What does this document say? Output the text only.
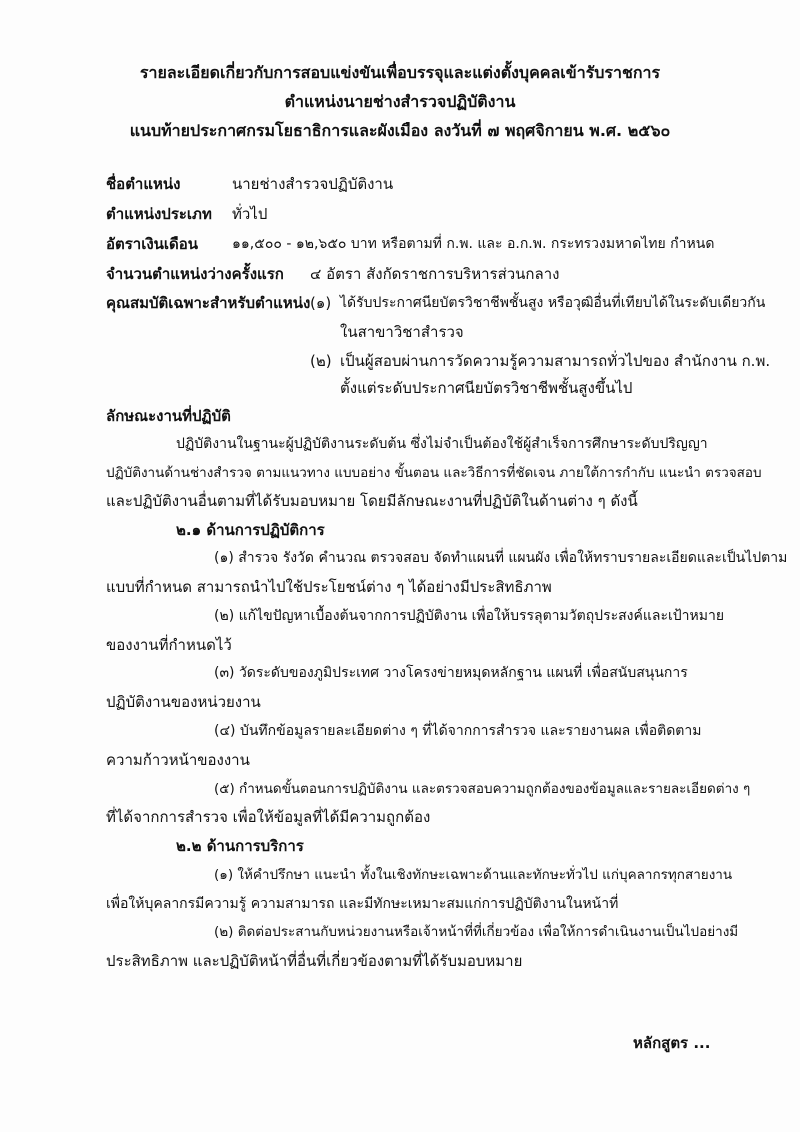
รายละเอียดเกี่ยวกับการสอบแข่งขันเพื่อบรรจุและแต่งตั้งบุคคลเข้ารับราชการ
ตำแหน่งนายช่างสำรวจปฏิบัติงาน
แนบท้ายประกาศกรมโยธาธิการและผังเมือง ลงวันที่ ๗ พฤศจิกายน พ.ศ. ๒๕๖๐
ชื่อตำแหน่ง	นายช่างสำรวจปฏิบัติงาน
ตำแหน่งประเภท ทั่วไป
อัตราเงินเดือน ๑๑,๕๐๐ - ๑๒,๖๕๐ บาท หรือตามที่ ก.พ. และ อ.ก.พ. กระทรวงมหาดไทย กำหนด
จำนวนตำแหน่งว่างครั้งแรก ๔ อัตรา สังกัดราชการบริหารส่วนกลาง
คุณสมบัติเฉพาะสำหรับตำแหน่ง (๑) ได้รับประกาศนียบัตรวิชาชีพชั้นสูง หรือวุฒิอื่นที่เทียบได้ในระดับเดียวกัน
ในสาขาวิชาสำรวจ
(๒) เป็นผู้สอบผ่านการวัดความรู้ความสามารถทั่วไปของ สำนักงาน ก.พ.
ตั้งแต่ระดับประกาศนียบัตรวิชาชีพชั้นสูงขึ้นไป
ลักษณะงานที่ปฏิบัติ
ปฏิบัติงานในฐานะผู้ปฏิบัติงานระดับต้น ซึ่งไม่จำเป็นต้องใช้ผู้สำเร็จการศึกษาระดับปริญญา
ปฏิบัติงานด้านช่างสำรวจ ตามแนวทาง แบบอย่าง ขั้นตอน และวิธีการที่ชัดเจน ภายใต้การกำกับ แนะนำ ตรวจสอบ
และปฏิบัติงานอื่นตามที่ได้รับมอบหมาย โดยมีลักษณะงานที่ปฏิบัติในด้านต่าง ๆ ดังนี้
๒.๑ ด้านการปฏิบัติการ
(๑) สำรวจ รังวัด คำนวณ ตรวจสอบ จัดทำแผนที่ แผนผัง เพื่อให้ทราบรายละเอียดและเป็นไปตาม
แบบที่กำหนด สามารถนำไปใช้ประโยชน์ต่าง ๆ ได้อย่างมีประสิทธิภาพ
(๒) แก้ไขปัญหาเบื้องต้นจากการปฏิบัติงาน เพื่อให้บรรลุตามวัตถุประสงค์และเป้าหมาย
ของงานที่กำหนดไว้
(๓) วัดระดับของภูมิประเทศ วางโครงข่ายหมุดหลักฐาน แผนที่ เพื่อสนับสนุนการ
ปฏิบัติงานของหน่วยงาน
(๔) บันทึกข้อมูลรายละเอียดต่าง ๆ ที่ได้จากการสำรวจ และรายงานผล เพื่อติดตาม
ความก้าวหน้าของงาน
(๕) กำหนดขั้นตอนการปฏิบัติงาน และตรวจสอบความถูกต้องของข้อมูลและรายละเอียดต่าง ๆ
ที่ได้จากการสำรวจ เพื่อให้ข้อมูลที่ได้มีความถูกต้อง
๒.๒ ด้านการบริการ
(๑) ให้คำปรึกษา แนะนำ ทั้งในเชิงทักษะเฉพาะด้านและทักษะทั่วไป แก่บุคลากรทุกสายงาน
เพื่อให้บุคลากรมีความรู้ ความสามารถ และมีทักษะเหมาะสมแก่การปฏิบัติงานในหน้าที่
(๒) ติดต่อประสานกับหน่วยงานหรือเจ้าหน้าที่ที่เกี่ยวข้อง เพื่อให้การดำเนินงานเป็นไปอย่างมี
ประสิทธิภาพ และปฏิบัติหน้าที่อื่นที่เกี่ยวข้องตามที่ได้รับมอบหมาย
หลักสูตร ...
